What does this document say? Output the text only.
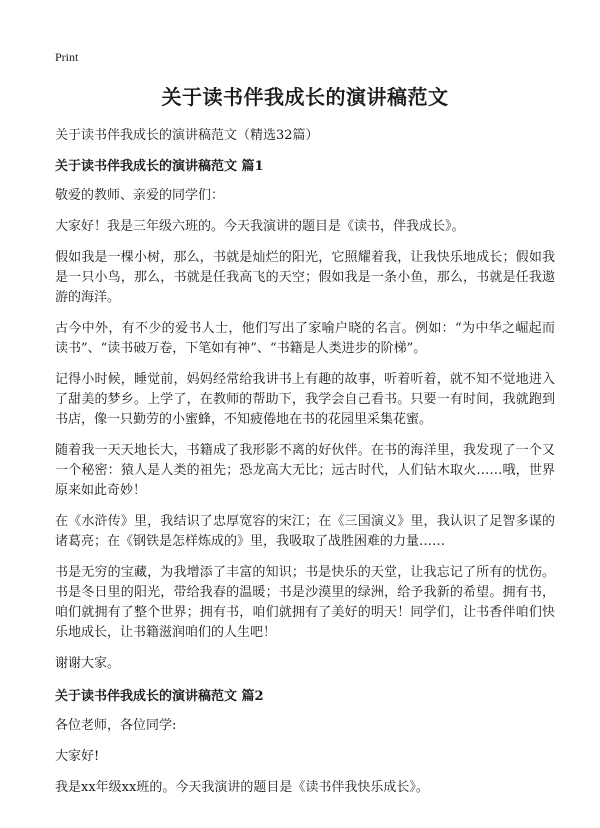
Print
关于读书伴我成长的演讲稿范文
关于读书伴我成长的演讲稿范文（精选32篇）
关于读书伴我成长的演讲稿范文 篇1

敬爱的教师、亲爱的同学们：

大家好！我是三年级六班的。今天我演讲的题目是《读书，伴我成长》。

假如我是一棵小树，那么，书就是灿烂的阳光，它照耀着我，让我快乐地成长；假如我是一只小鸟，那么，书就是任我高飞的天空；假如我是一条小鱼，那么，书就是任我遨游的海洋。

古今中外，有不少的爱书人士，他们写出了家喻户晓的名言。例如：“为中华之崛起而读书”、“读书破万卷，下笔如有神”、“书籍是人类进步的阶梯”。

记得小时候，睡觉前，妈妈经常给我讲书上有趣的故事，听着听着，就不知不觉地进入了甜美的梦乡。上学了，在教师的帮助下，我学会自己看书。只要一有时间，我就跑到书店，像一只勤劳的小蜜蜂，不知疲倦地在书的花园里采集花蜜。

随着我一天天地长大，书籍成了我形影不离的好伙伴。在书的海洋里，我发现了一个又一个秘密：猿人是人类的祖先；恐龙高大无比；远古时代，人们钻木取火……哦，世界原来如此奇妙！

在《水浒传》里，我结识了忠厚宽容的宋江；在《三国演义》里，我认识了足智多谋的诸葛亮；在《钢铁是怎样炼成的》里，我吸取了战胜困难的力量……

书是无穷的宝藏，为我增添了丰富的知识；书是快乐的天堂，让我忘记了所有的忧伤。书是冬日里的阳光，带给我春的温暖；书是沙漠里的绿洲，给予我新的希望。拥有书，咱们就拥有了整个世界；拥有书，咱们就拥有了美好的明天！同学们，让书香伴咱们快乐地成长，让书籍滋润咱们的人生吧！

谢谢大家。

关于读书伴我成长的演讲稿范文 篇2

各位老师，各位同学:

大家好!

我是xx年级xx班的。今天我演讲的题目是《读书伴我快乐成长》。
